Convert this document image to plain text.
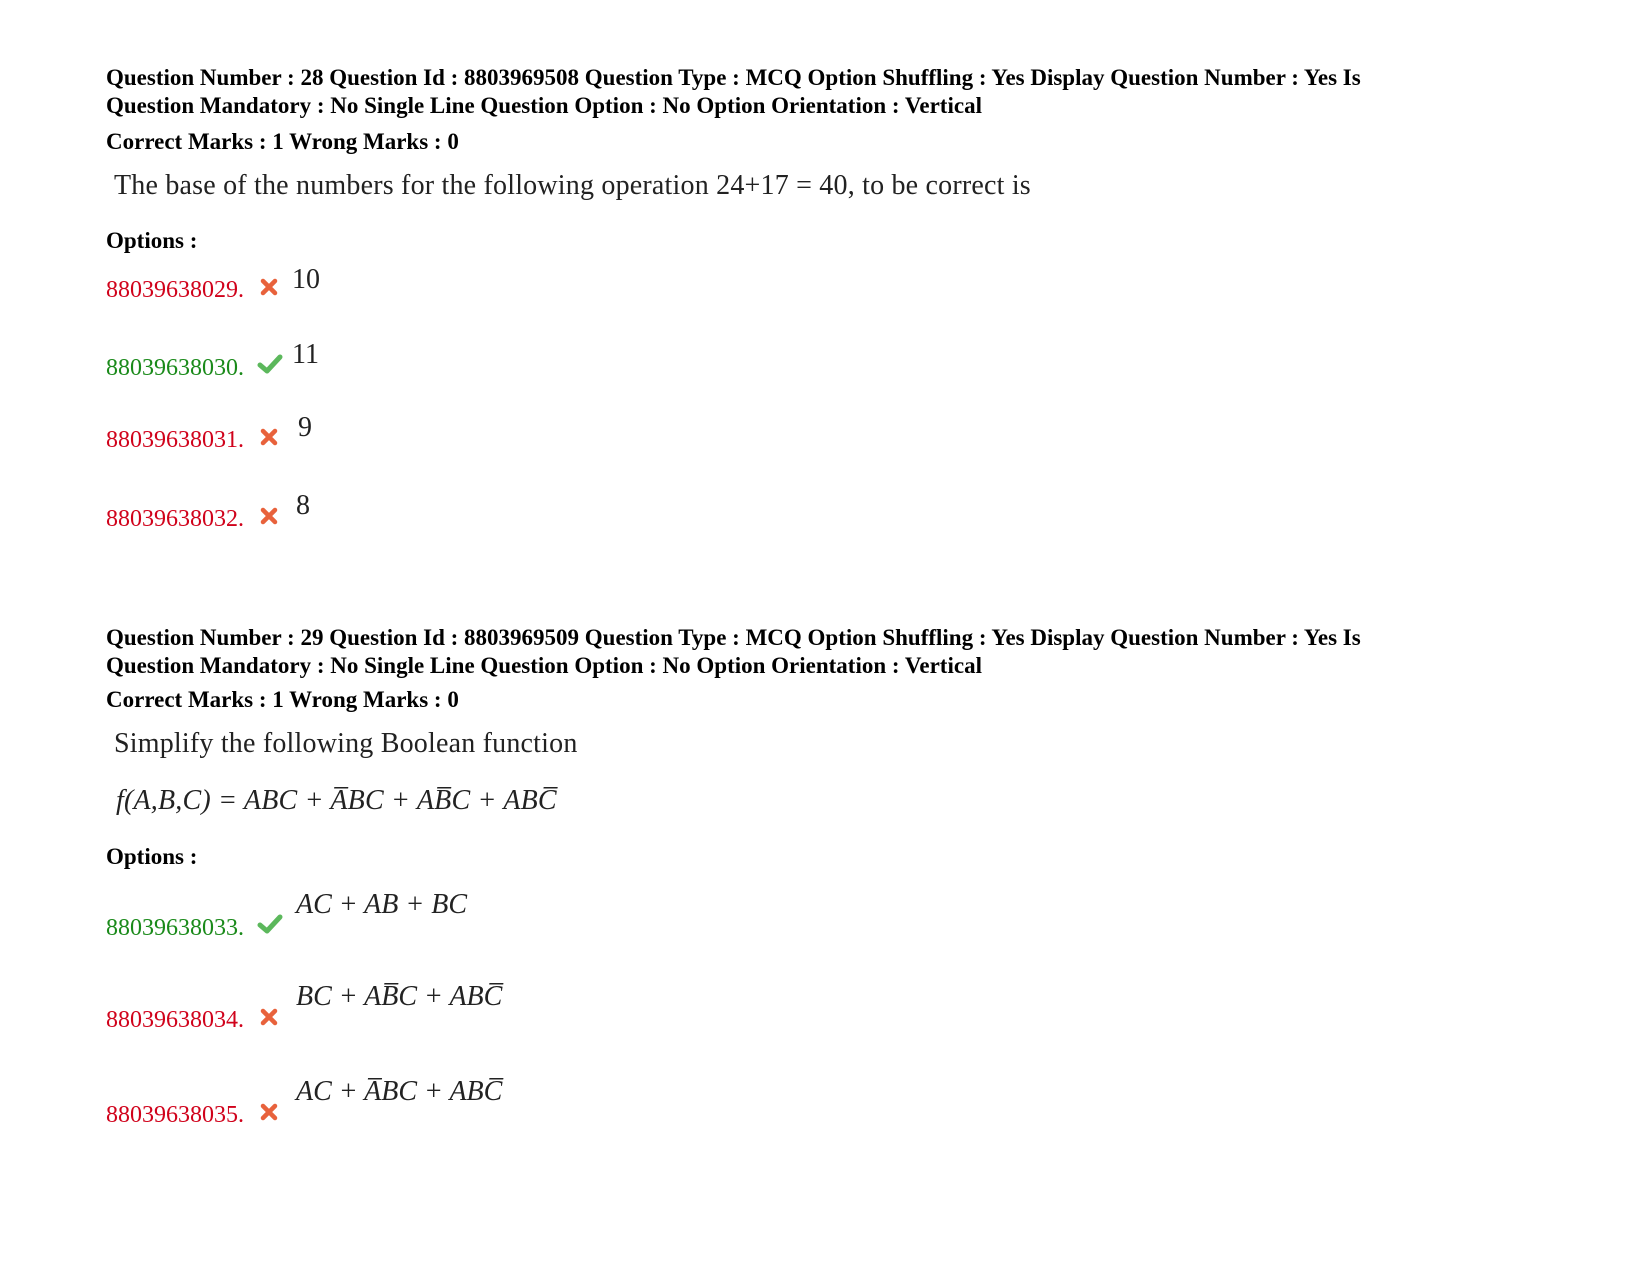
Question Number : 28 Question Id : 8803969508 Question Type : MCQ Option Shuffling : Yes Display Question Number : Yes Is
Question Mandatory : No Single Line Question Option : No Option Orientation : Vertical
Correct Marks : 1 Wrong Marks : 0
The base of the numbers for the following operation 24+17 = 40, to be correct is
Options :
88039638029. 10
88039638030. 11
88039638031. 9
88039638032. 8
Question Number : 29 Question Id : 8803969509 Question Type : MCQ Option Shuffling : Yes Display Question Number : Yes Is
Question Mandatory : No Single Line Question Option : No Option Orientation : Vertical
Correct Marks : 1 Wrong Marks : 0
Simplify the following Boolean function
f(A,B,C) = ABC + A̅BC + AB̅C + ABC̅
Options :
88039638033.
AC + AB + BC
88039638034.
BC + AB̅C + ABC̅
88039638035.
AC + A̅BC + ABC̅
